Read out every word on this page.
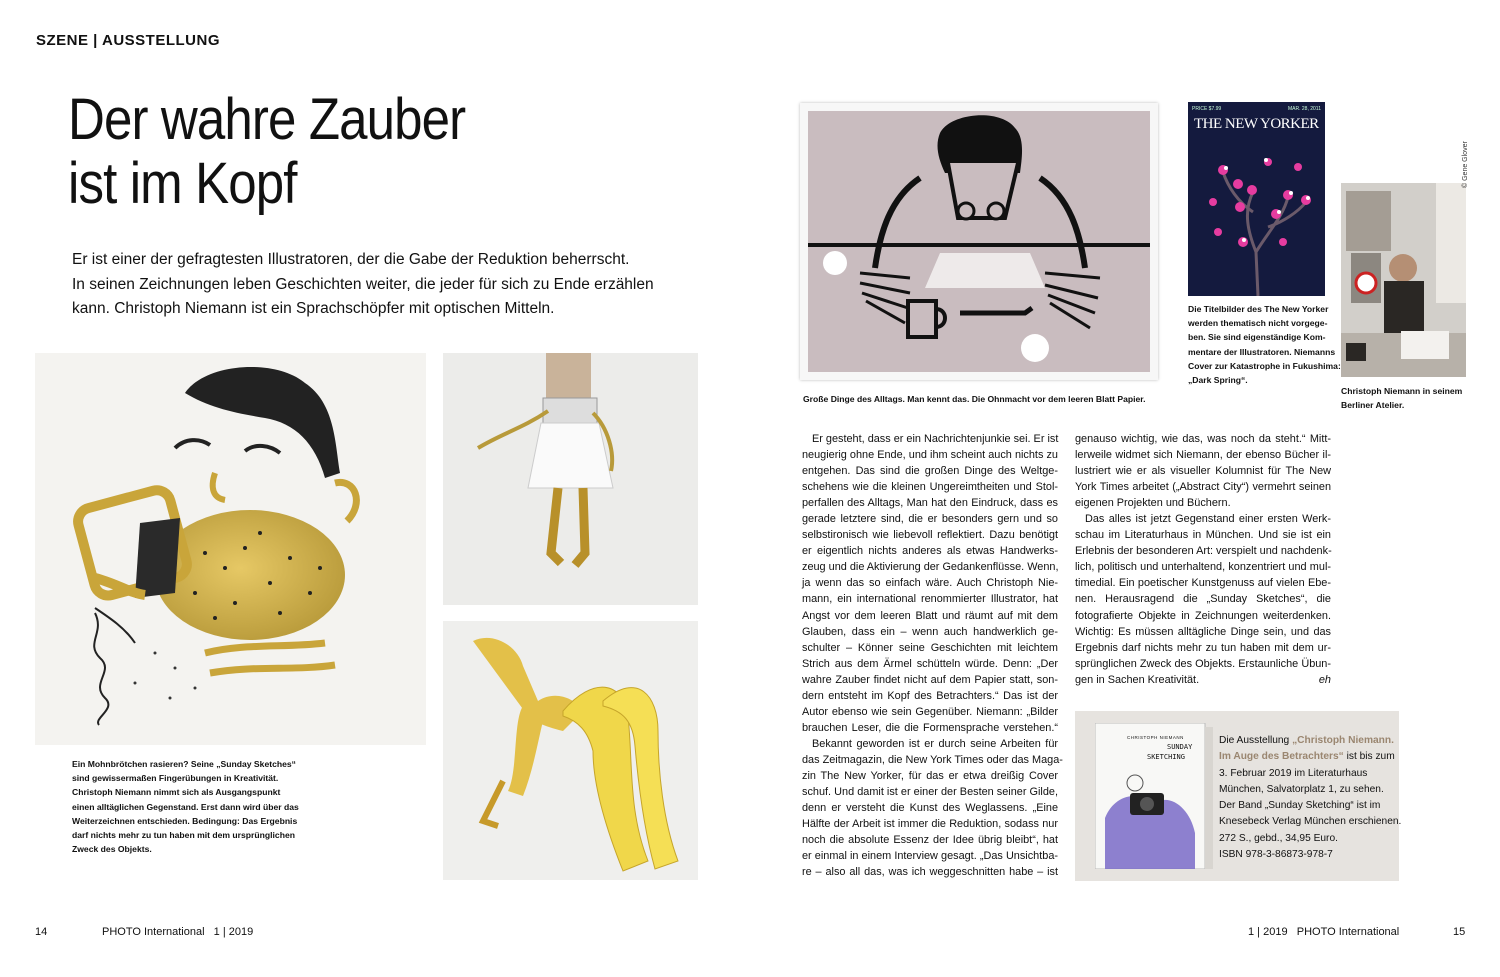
SZENE | AUSSTELLUNG
Der wahre Zauber
ist im Kopf
Er ist einer der gefragtesten Illustratoren, der die Gabe der Reduktion beherrscht.
In seinen Zeichnungen leben Geschichten weiter, die jeder für sich zu Ende erzählen
kann. Christoph Niemann ist ein Sprachschöpfer mit optischen Mitteln.
Ein Mohnbrötchen rasieren? Seine „Sunday Sketches“
sind gewissermaßen Fingerübungen in Kreativität.
Christoph Niemann nimmt sich als Ausgangspunkt
einen alltäglichen Gegenstand. Erst dann wird über das
Weiterzeichnen entschieden. Bedingung: Das Ergebnis
darf nichts mehr zu tun haben mit dem ursprünglichen
Zweck des Objekts.
Große Dinge des Alltags. Man kennt das. Die Ohnmacht vor dem leeren Blatt Papier.
PRICE $7.99	MAR. 28, 2011
THE NEW YORKER
Die Titelbilder des The New Yorker
werden thematisch nicht vorgege-
ben. Sie sind eigenständige Kom-
mentare der Illustratoren. Niemanns
Cover zur Katastrophe in Fukushima:
„Dark Spring“.
Christoph Niemann in seinem
Berliner Atelier.
© Gene Glover
Er gesteht, dass er ein Nachrichtenjunkie sei. Er ist
neugierig ohne Ende, und ihm scheint auch nichts zu
entgehen. Das sind die großen Dinge des Weltge-
schehens wie die kleinen Ungereimtheiten und Stol-
perfallen des Alltags, Man hat den Eindruck, dass es
gerade letztere sind, die er besonders gern und so
selbstironisch wie liebevoll reflektiert. Dazu benötigt
er eigentlich nichts anderes als etwas Handwerks-
zeug und die Aktivierung der Gedankenflüsse. Wenn,
ja wenn das so einfach wäre. Auch Christoph Nie-
mann, ein international renommierter Illustrator, hat
Angst vor dem leeren Blatt und räumt auf mit dem
Glauben, dass ein – wenn auch handwerklich ge-
schulter – Könner seine Geschichten mit leichtem
Strich aus dem Ärmel schütteln würde. Denn: „Der
wahre Zauber findet nicht auf dem Papier statt, son-
dern entsteht im Kopf des Betrachters.“ Das ist der
Autor ebenso wie sein Gegenüber. Niemann: „Bilder
brauchen Leser, die die Formensprache verstehen.“
Bekannt geworden ist er durch seine Arbeiten für
das Zeitmagazin, die New York Times oder das Maga-
zin The New Yorker, für das er etwa dreißig Cover
schuf. Und damit ist er einer der Besten seiner Gilde,
denn er versteht die Kunst des Weglassens. „Eine
Hälfte der Arbeit ist immer die Reduktion, sodass nur
noch die absolute Essenz der Idee übrig bleibt“, hat
er einmal in einem Interview gesagt. „Das Unsichtba-
re – also all das, was ich weggeschnitten habe – ist
genauso wichtig, wie das, was noch da steht.“ Mitt-
lerweile widmet sich Niemann, der ebenso Bücher il-
lustriert wie er als visueller Kolumnist für The New
York Times arbeitet („Abstract City“) vermehrt seinen
eigenen Projekten und Büchern.
Das alles ist jetzt Gegenstand einer ersten Werk-
schau im Literaturhaus in München. Und sie ist ein
Erlebnis der besonderen Art: verspielt und nachdenk-
lich, politisch und unterhaltend, konzentriert und mul-
timedial. Ein poetischer Kunstgenuss auf vielen Ebe-
nen. Herausragend die „Sunday Sketches“, die
fotografierte Objekte in Zeichnungen weiterdenken.
Wichtig: Es müssen alltägliche Dinge sein, und das
Ergebnis darf nichts mehr zu tun haben mit dem ur-
sprünglichen Zweck des Objekts. Erstaunliche Übun-
gen in Sachen Kreativität.	eh
CHRISTOPH NIEMANN
SUNDAY
SKETCHING
Die Ausstellung „Christoph Niemann.
Im Auge des Betrachters“ ist bis zum
3. Februar 2019 im Literaturhaus
München, Salvatorplatz 1, zu sehen.
Der Band „Sunday Sketching“ ist im
Knesebeck Verlag München erschienen.
272 S., gebd., 34,95 Euro.
ISBN 978-3-86873-978-7
14	PHOTO International   1 | 2019	1 | 2019   PHOTO International	15
